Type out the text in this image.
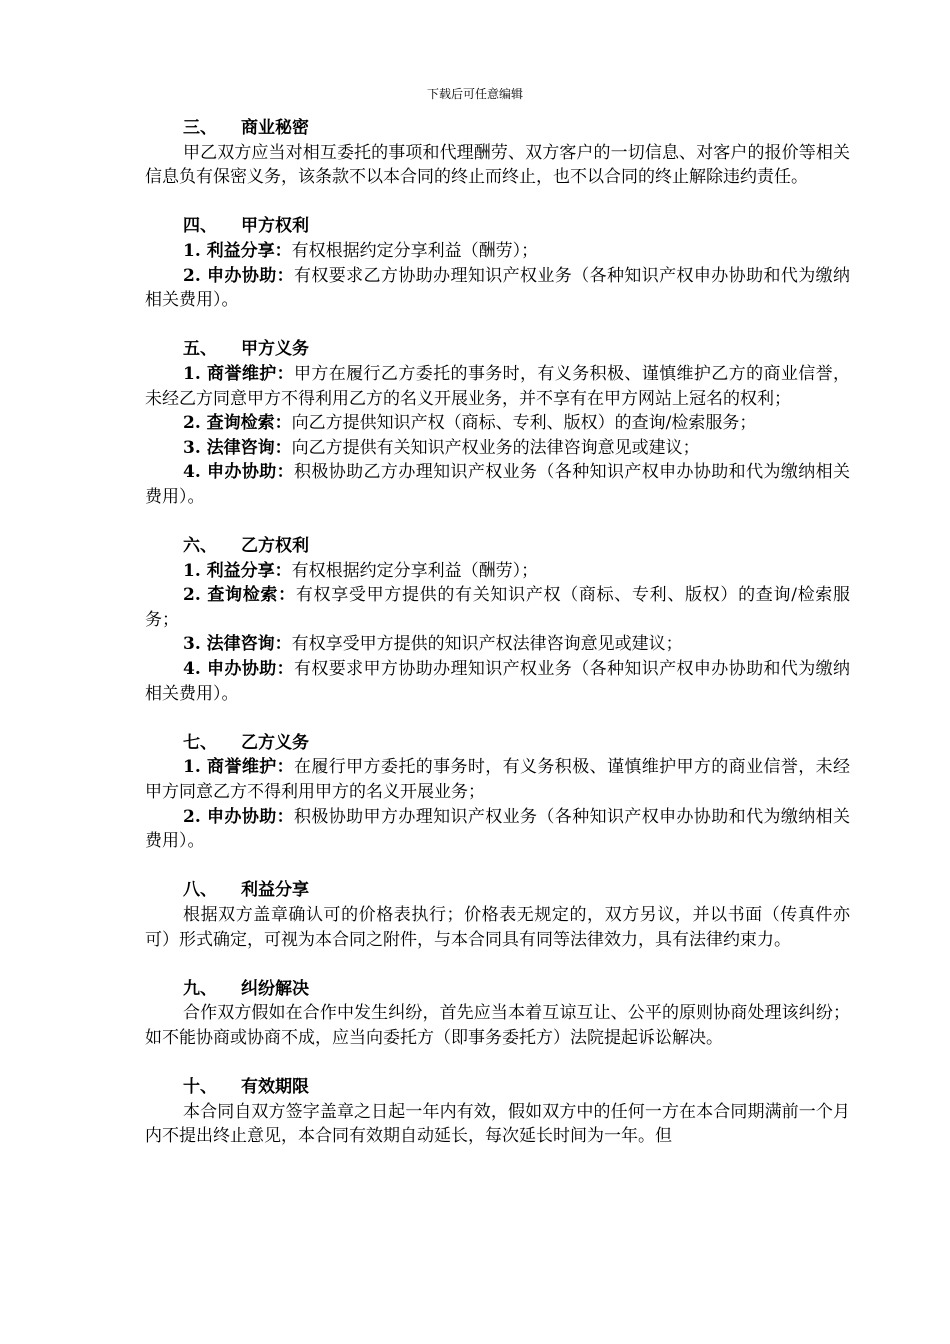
下载后可任意编辑
三、 商业秘密
甲乙双方应当对相互委托的事项和代理酬劳、双方客户的一切信息、对客户的报价等相关信息负有保密义务，该条款不以本合同的终止而终止，也不以合同的终止解除违约责任。
四、 甲方权利
1. 利益分享：有权根据约定分享利益（酬劳）；
2. 申办协助：有权要求乙方协助办理知识产权业务（各种知识产权申办协助和代为缴纳相关费用）。
五、 甲方义务
1. 商誉维护：甲方在履行乙方委托的事务时，有义务积极、谨慎维护乙方的商业信誉，未经乙方同意甲方不得利用乙方的名义开展业务，并不享有在甲方网站上冠名的权利；
2. 查询检索：向乙方提供知识产权（商标、专利、版权）的查询/检索服务；
3. 法律咨询：向乙方提供有关知识产权业务的法律咨询意见或建议；
4. 申办协助：积极协助乙方办理知识产权业务（各种知识产权申办协助和代为缴纳相关费用）。
六、 乙方权利
1. 利益分享：有权根据约定分享利益（酬劳）；
2. 查询检索：有权享受甲方提供的有关知识产权（商标、专利、版权）的查询/检索服务；
3. 法律咨询：有权享受甲方提供的知识产权法律咨询意见或建议；
4. 申办协助：有权要求甲方协助办理知识产权业务（各种知识产权申办协助和代为缴纳相关费用）。
七、 乙方义务
1. 商誉维护：在履行甲方委托的事务时，有义务积极、谨慎维护甲方的商业信誉，未经甲方同意乙方不得利用甲方的名义开展业务；
2. 申办协助：积极协助甲方办理知识产权业务（各种知识产权申办协助和代为缴纳相关费用）。
八、 利益分享
根据双方盖章确认可的价格表执行；价格表无规定的，双方另议，并以书面（传真件亦可）形式确定，可视为本合同之附件，与本合同具有同等法律效力，具有法律约束力。
九、 纠纷解决
合作双方假如在合作中发生纠纷，首先应当本着互谅互让、公平的原则协商处理该纠纷；如不能协商或协商不成，应当向委托方（即事务委托方）法院提起诉讼解决。
十、 有效期限
本合同自双方签字盖章之日起一年内有效，假如双方中的任何一方在本合同期满前一个月内不提出终止意见，本合同有效期自动延长，每次延长时间为一年。但
